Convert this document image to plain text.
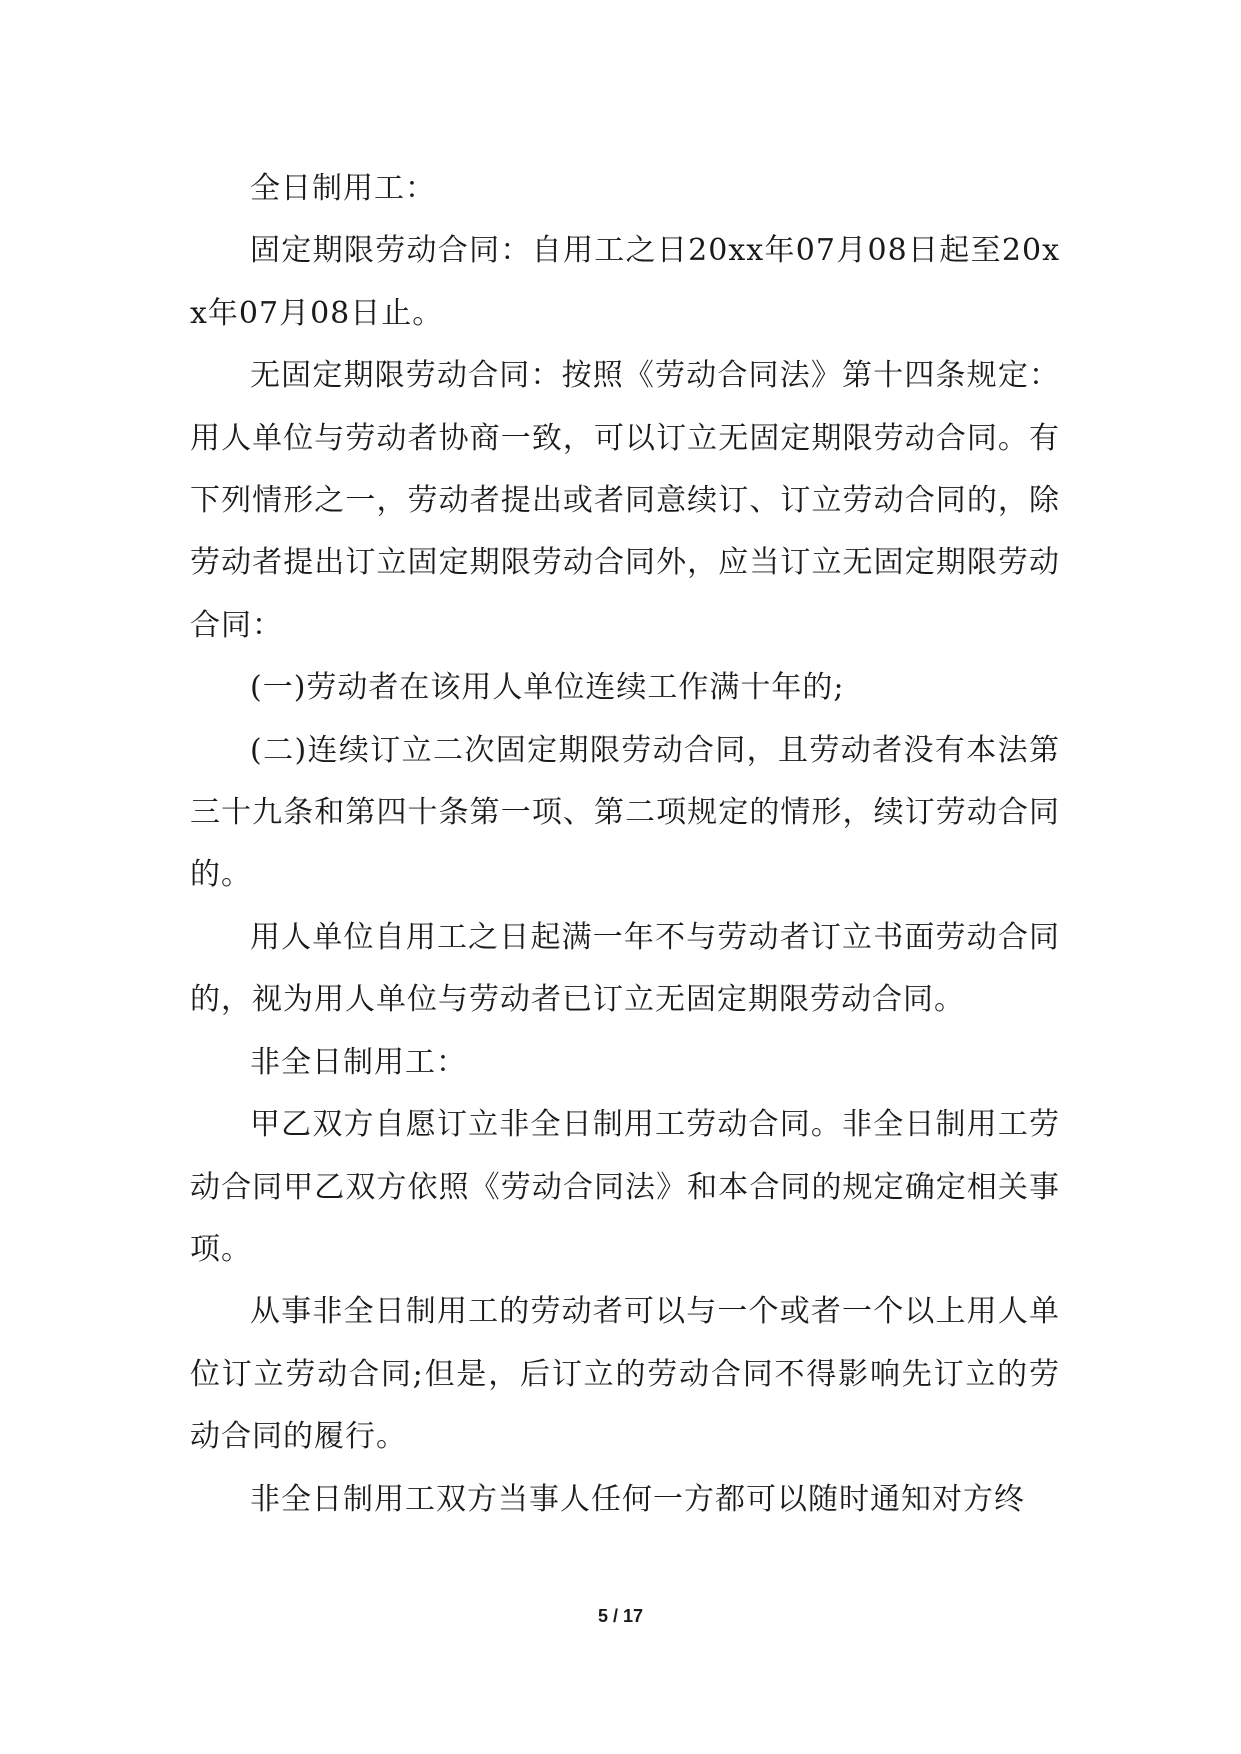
全日制用工：

固定期限劳动合同：自用工之日20xx年07月08日起至20xx年07月08日止。

无固定期限劳动合同：按照《劳动合同法》第十四条规定：用人单位与劳动者协商一致，可以订立无固定期限劳动合同。有下列情形之一，劳动者提出或者同意续订、订立劳动合同的，除劳动者提出订立固定期限劳动合同外，应当订立无固定期限劳动合同：

(一)劳动者在该用人单位连续工作满十年的;

(二)连续订立二次固定期限劳动合同，且劳动者没有本法第三十九条和第四十条第一项、第二项规定的情形，续订劳动合同的。

用人单位自用工之日起满一年不与劳动者订立书面劳动合同的，视为用人单位与劳动者已订立无固定期限劳动合同。

非全日制用工：

甲乙双方自愿订立非全日制用工劳动合同。非全日制用工劳动合同甲乙双方依照《劳动合同法》和本合同的规定确定相关事项。

从事非全日制用工的劳动者可以与一个或者一个以上用人单位订立劳动合同;但是，后订立的劳动合同不得影响先订立的劳动合同的履行。

非全日制用工双方当事人任何一方都可以随时通知对方终

5 / 17
